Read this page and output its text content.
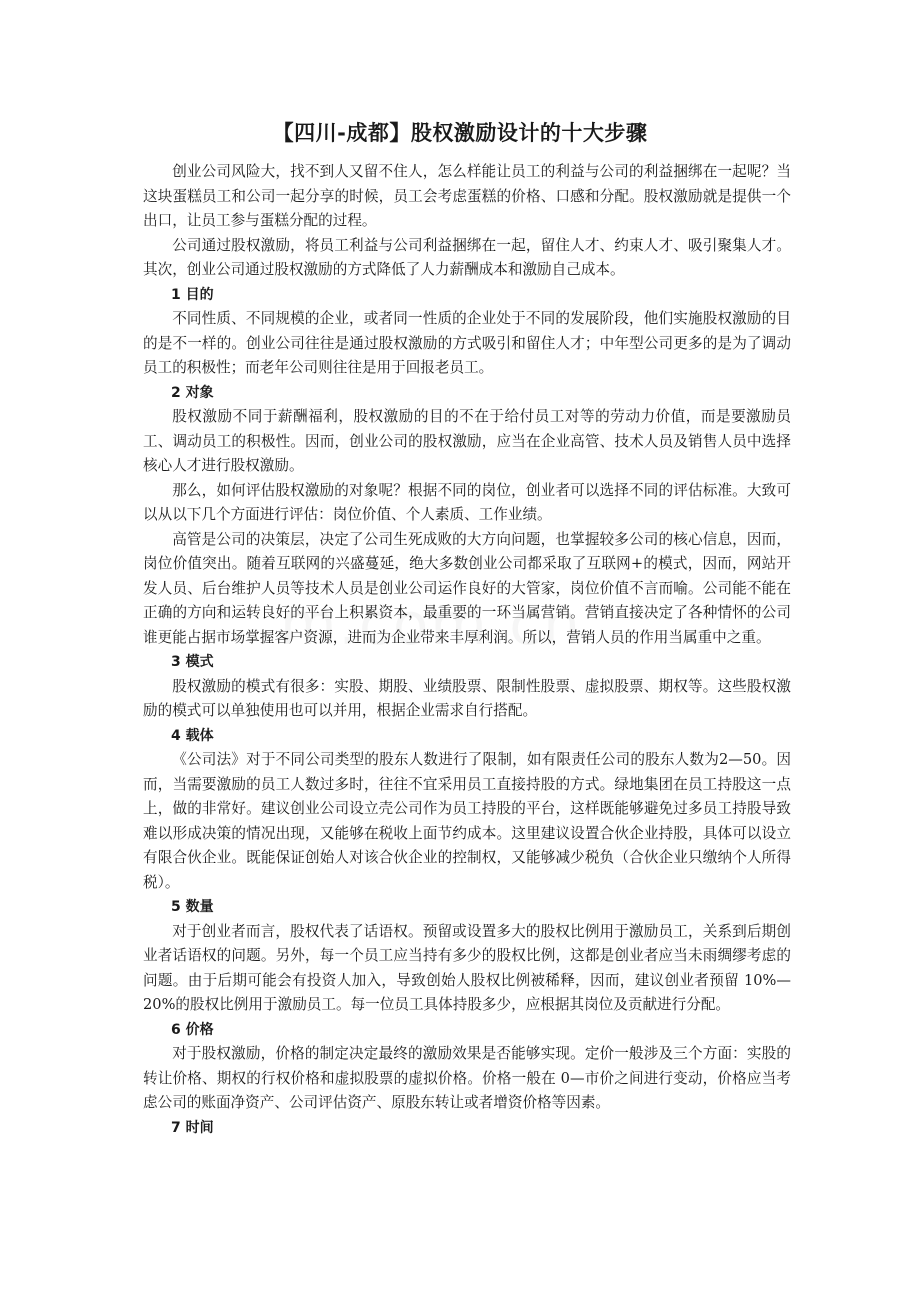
【四川-成都】股权激励设计的十大步骤

创业公司风险大，找不到人又留不住人，怎么样能让员工的利益与公司的利益捆绑在一起呢？当这块蛋糕员工和公司一起分享的时候，员工会考虑蛋糕的价格、口感和分配。股权激励就是提供一个出口，让员工参与蛋糕分配的过程。

公司通过股权激励，将员工利益与公司利益捆绑在一起，留住人才、约束人才、吸引聚集人才。其次，创业公司通过股权激励的方式降低了人力薪酬成本和激励自己成本。

1 目的

不同性质、不同规模的企业，或者同一性质的企业处于不同的发展阶段，他们实施股权激励的目的是不一样的。创业公司往往是通过股权激励的方式吸引和留住人才；中年型公司更多的是为了调动员工的积极性；而老年公司则往往是用于回报老员工。

2 对象

股权激励不同于薪酬福利，股权激励的目的不在于给付员工对等的劳动力价值，而是要激励员工、调动员工的积极性。因而，创业公司的股权激励，应当在企业高管、技术人员及销售人员中选择核心人才进行股权激励。

那么，如何评估股权激励的对象呢？根据不同的岗位，创业者可以选择不同的评估标准。大致可以从以下几个方面进行评估：岗位价值、个人素质、工作业绩。

高管是公司的决策层，决定了公司生死成败的大方向问题，也掌握较多公司的核心信息，因而，岗位价值突出。随着互联网的兴盛蔓延，绝大多数创业公司都采取了互联网+的模式，因而，网站开发人员、后台维护人员等技术人员是创业公司运作良好的大管家，岗位价值不言而喻。公司能不能在正确的方向和运转良好的平台上积累资本，最重要的一环当属营销。营销直接决定了各种情怀的公司谁更能占据市场掌握客户资源，进而为企业带来丰厚利润。所以，营销人员的作用当属重中之重。

3 模式

股权激励的模式有很多：实股、期股、业绩股票、限制性股票、虚拟股票、期权等。这些股权激励的模式可以单独使用也可以并用，根据企业需求自行搭配。

4 载体

《公司法》对于不同公司类型的股东人数进行了限制，如有限责任公司的股东人数为2—50。因而，当需要激励的员工人数过多时，往往不宜采用员工直接持股的方式。绿地集团在员工持股这一点上，做的非常好。建议创业公司设立壳公司作为员工持股的平台，这样既能够避免过多员工持股导致难以形成决策的情况出现，又能够在税收上面节约成本。这里建议设置合伙企业持股，具体可以设立有限合伙企业。既能保证创始人对该合伙企业的控制权，又能够减少税负（合伙企业只缴纳个人所得税）。

5 数量

对于创业者而言，股权代表了话语权。预留或设置多大的股权比例用于激励员工，关系到后期创业者话语权的问题。另外，每一个员工应当持有多少的股权比例，这都是创业者应当未雨绸缪考虑的问题。由于后期可能会有投资人加入，导致创始人股权比例被稀释，因而，建议创业者预留 10%—20%的股权比例用于激励员工。每一位员工具体持股多少，应根据其岗位及贡献进行分配。

6 价格

对于股权激励，价格的制定决定最终的激励效果是否能够实现。定价一般涉及三个方面：实股的转让价格、期权的行权价格和虚拟股票的虚拟价格。价格一般在 0—市价之间进行变动，价格应当考虑公司的账面净资产、公司评估资产、原股东转让或者增资价格等因素。

7 时间
